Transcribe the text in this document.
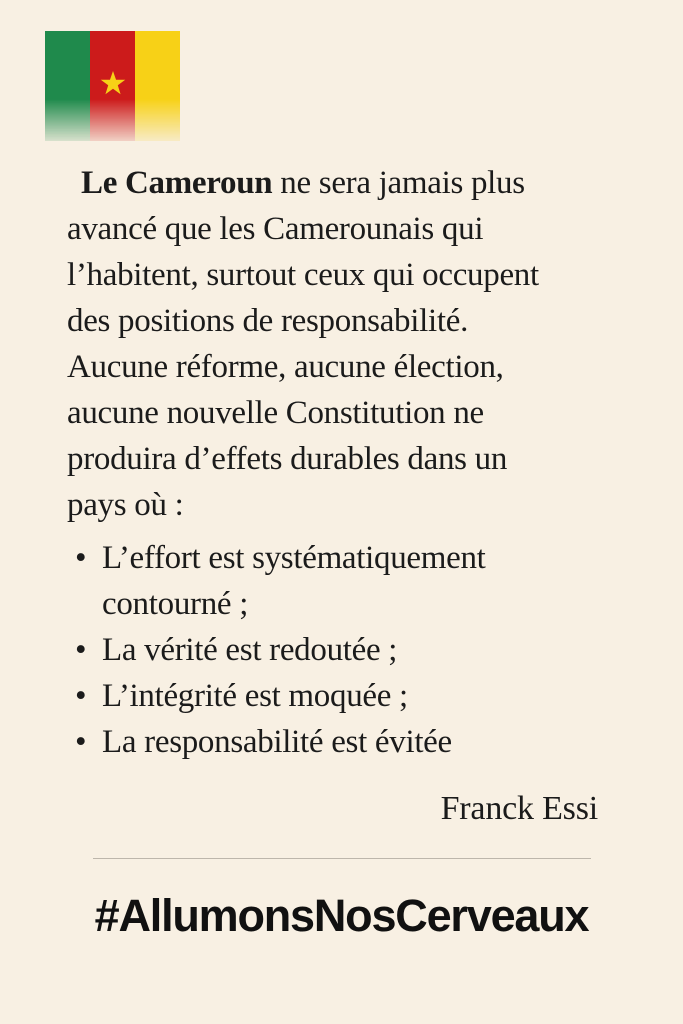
Le Cameroun ne sera jamais plus
avancé que les Camerounais qui
l’habitent, surtout ceux qui occupent
des positions de responsabilité.
Aucune réforme, aucune élection,
aucune nouvelle Constitution ne
produira d’effets durables dans un
pays où :

• L’effort est systématiquement
contourné ;
• La vérité est redoutée ;
• L’intégrité est moquée ;
• La responsabilité est évitée
Franck Essi
#AllumonsNosCerveaux
